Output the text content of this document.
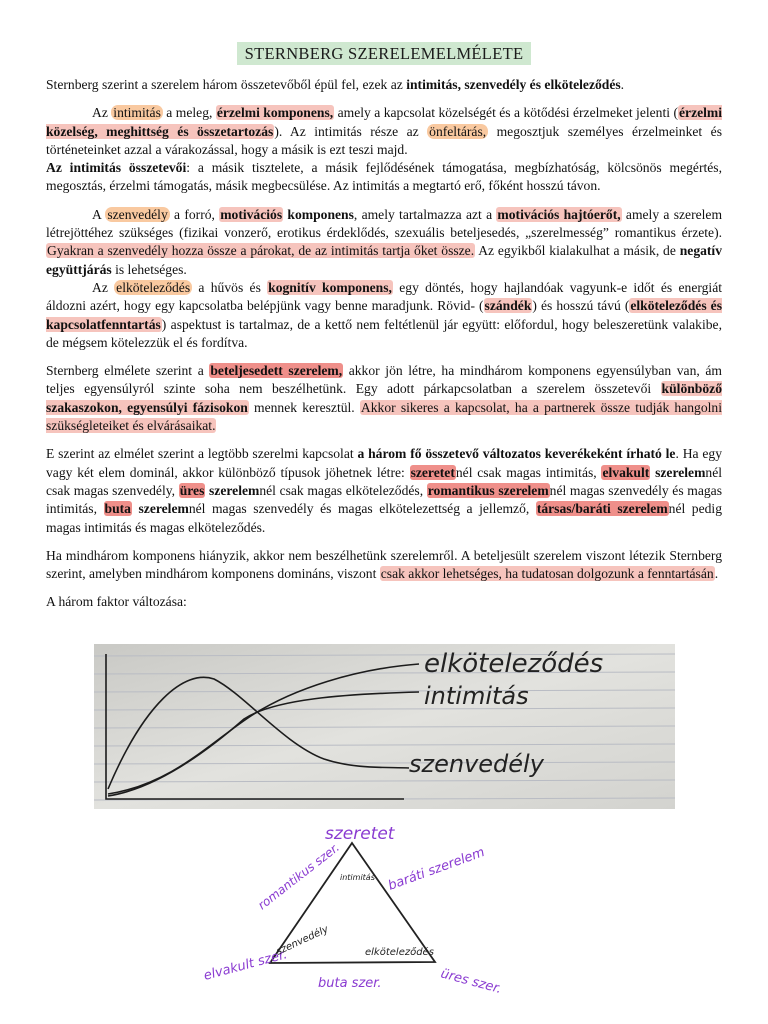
STERNBERG SZERELEMELMÉLETE

Sternberg szerint a szerelem három összetevőből épül fel, ezek az intimitás, szenvedély és elköteleződés.

Az intimitás a meleg, érzelmi komponens, amely a kapcsolat közelségét és a kötődési érzelmeket jelenti (érzelmi közelség, meghittség és összetartozás). Az intimitás része az önfeltárás, megosztjuk személyes érzelmeinket és történeteinket azzal a várakozással, hogy a másik is ezt teszi majd.

Az intimitás összetevői: a másik tisztelete, a másik fejlődésének támogatása, megbízhatóság, kölcsönös megértés, megosztás, érzelmi támogatás, másik megbecsülése. Az intimitás a megtartó erő, főként hosszú távon.

A szenvedély a forró, motivációs komponens, amely tartalmazza azt a motivációs hajtóerőt, amely a szerelem létrejöttéhez szükséges (fizikai vonzerő, erotikus érdeklődés, szexuális beteljesedés, „szerelmesség” romantikus érzete). Gyakran a szenvedély hozza össze a párokat, de az intimitás tartja őket össze. Az egyikből kialakulhat a másik, de negatív együttjárás is lehetséges.

Az elköteleződés a hűvös és kognitív komponens, egy döntés, hogy hajlandóak vagyunk-e időt és energiát áldozni azért, hogy egy kapcsolatba belépjünk vagy benne maradjunk. Rövid- (szándék) és hosszú távú (elköteleződés és kapcsolatfenntartás) aspektust is tartalmaz, de a kettő nem feltétlenül jár együtt: előfordul, hogy beleszeretünk valakibe, de mégsem kötelezzük el és fordítva.

Sternberg elmélete szerint a beteljesedett szerelem, akkor jön létre, ha mindhárom komponens egyensúlyban van, ám teljes egyensúlyról szinte soha nem beszélhetünk. Egy adott párkapcsolatban a szerelem összetevői különböző szakaszokon, egyensúlyi fázisokon mennek keresztül. Akkor sikeres a kapcsolat, ha a partnerek össze tudják hangolni szükségleteiket és elvárásaikat.

E szerint az elmélet szerint a legtöbb szerelmi kapcsolat a három fő összetevő változatos keverékeként írható le. Ha egy vagy két elem dominál, akkor különböző típusok jöhetnek létre: szeretetnél csak magas intimitás, elvakult szerelemnél csak magas szenvedély, üres szerelemnél csak magas elköteleződés, romantikus szerelemnél magas szenvedély és magas intimitás, buta szerelemnél magas szenvedély és magas elkötelezettség a jellemző, társas/baráti szerelemnél pedig magas intimitás és magas elköteleződés.

Ha mindhárom komponens hiányzik, akkor nem beszélhetünk szerelemről. A beteljesült szerelem viszont létezik Sternberg szerint, amelyben mindhárom komponens domináns, viszont csak akkor lehetséges, ha tudatosan dolgozunk a fenntartásán.

A három faktor változása:

elköteleződés
intimitás
szenvedély
szeretet
romantikus szer.	baráti szerelem
elvakult szer.	üres szer.
buta szer.
intimitás
szenvedély	elköteleződés
